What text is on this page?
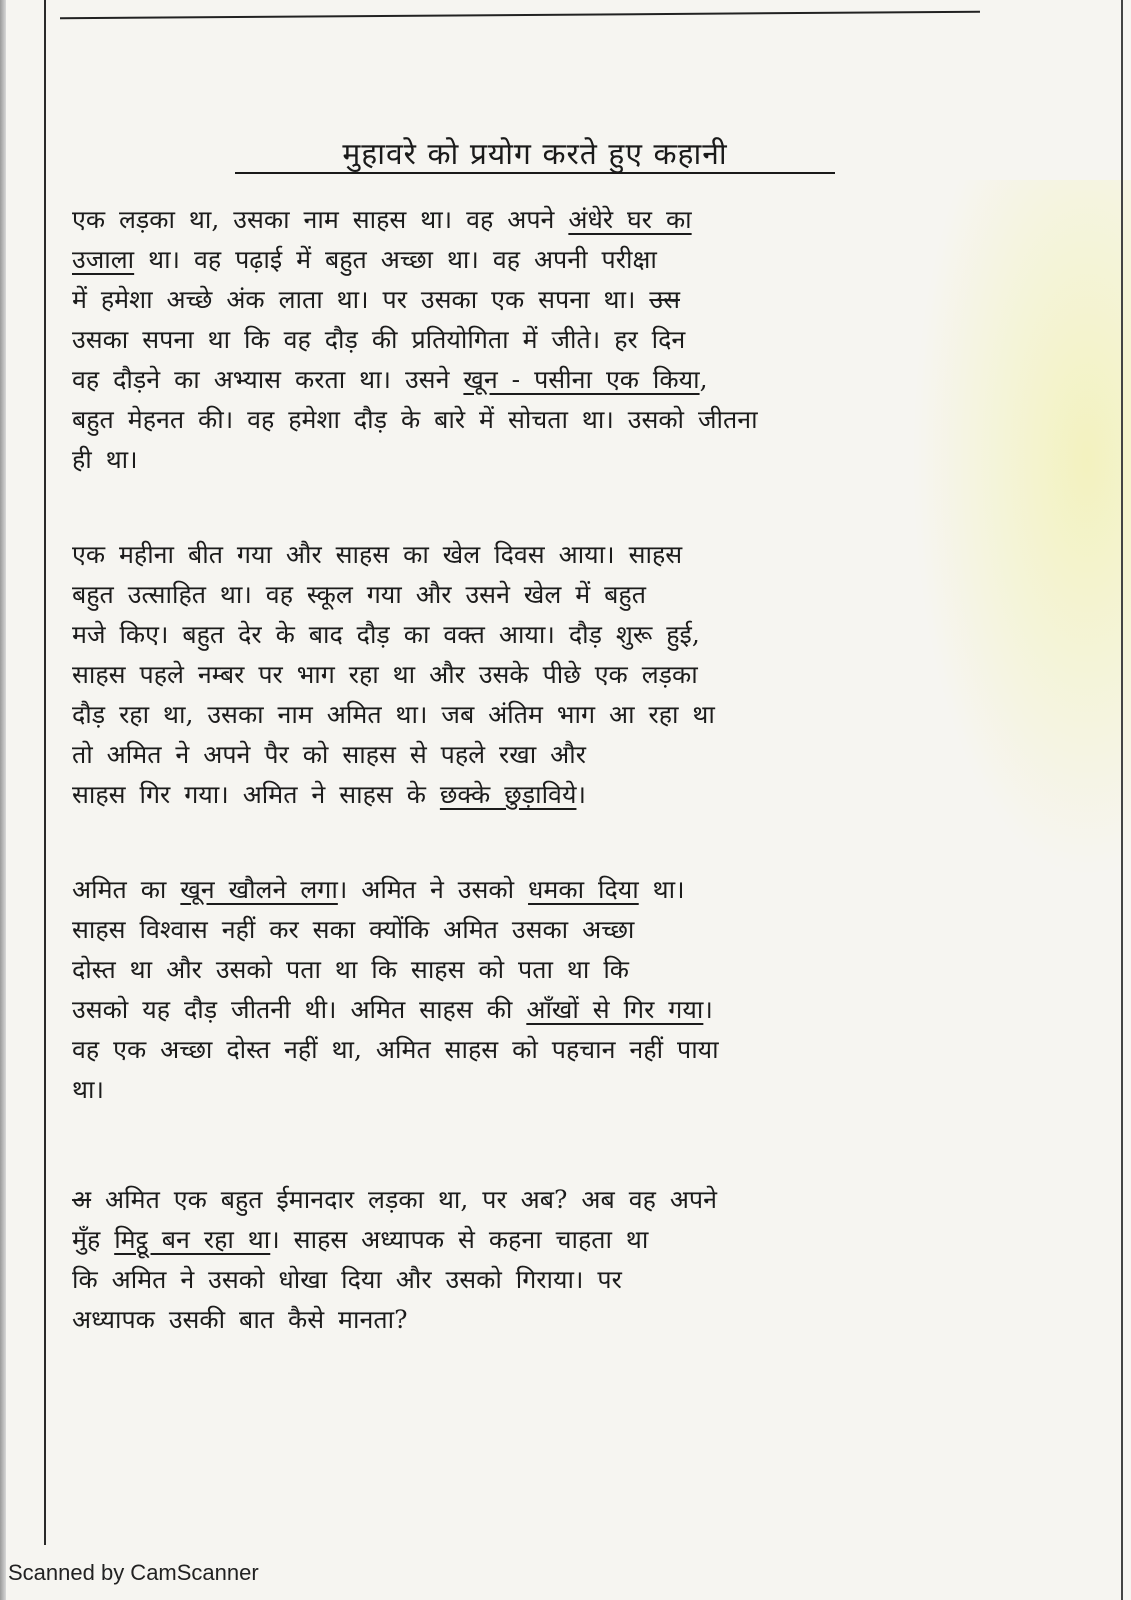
मुहावरे को प्रयोग करते हुए कहानी
एक लड़का था, उसका नाम साहस था। वह अपने अंधेरे घर का
उजाला था। वह पढ़ाई में बहुत अच्छा था। वह अपनी परीक्षा
में हमेशा अच्छे अंक लाता था। पर उसका एक सपना था। उस
उसका सपना था कि वह दौड़ की प्रतियोगिता में जीते। हर दिन
वह दौड़ने का अभ्यास करता था। उसने खून - पसीना एक किया,
बहुत मेहनत की। वह हमेशा दौड़ के बारे में सोचता था। उसको जीतना
ही था।
एक महीना बीत गया और साहस का खेल दिवस आया। साहस
बहुत उत्साहित था। वह स्कूल गया और उसने खेल में बहुत
मजे किए। बहुत देर के बाद दौड़ का वक्त आया। दौड़ शुरू हुई,
साहस पहले नम्बर पर भाग रहा था और उसके पीछे एक लड़का
दौड़ रहा था, उसका नाम अमित था। जब अंतिम भाग आ रहा था
तो अमित ने अपने पैर को साहस से पहले रखा और
साहस गिर गया। अमित ने साहस के छक्के छुड़ाविये।
अमित का खून खौलने लगा। अमित ने उसको धमका दिया था।
साहस विश्वास नहीं कर सका क्योंकि अमित उसका अच्छा
दोस्त था और उसको पता था कि साहस को पता था कि
उसको यह दौड़ जीतनी थी। अमित साहस की आँखों से गिर गया।
वह एक अच्छा दोस्त नहीं था, अमित साहस को पहचान नहीं पाया
था।
अ अमित एक बहुत ईमानदार लड़का था, पर अब? अब वह अपने
मुँह मिट्ठू बन रहा था। साहस अध्यापक से कहना चाहता था
कि अमित ने उसको धोखा दिया और उसको गिराया। पर
अध्यापक उसकी बात कैसे मानता?
Scanned by CamScanner
